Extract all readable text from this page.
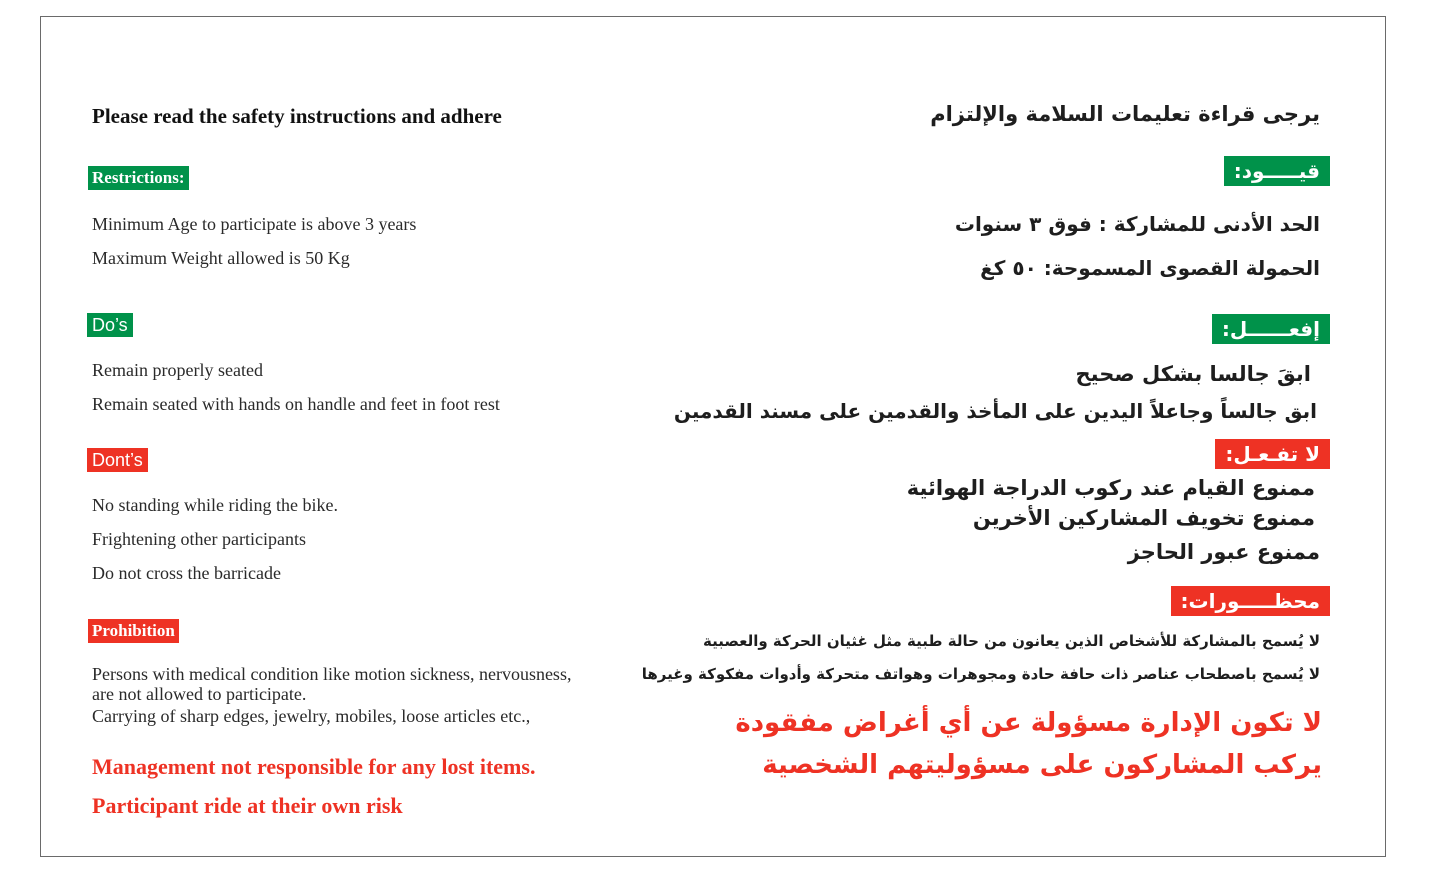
Please read the safety instructions and adhere
Restrictions:
Minimum Age to participate is above 3 years
Maximum Weight allowed is 50 Kg
Do’s
Remain properly seated
Remain seated with hands on handle and feet in foot rest
Dont’s
No standing while riding the bike.
Frightening other participants
Do not cross the barricade
Prohibition
Persons with medical condition like motion sickness, nervousness,
are not allowed to participate.
Carrying of sharp edges, jewelry, mobiles, loose articles etc.,
Management not responsible for any lost items.
Participant ride at their own risk
يرجى قراءة تعليمات السلامة والإلتزام
قيـــــود:
الحد الأدنى للمشاركة : فوق ٣ سنوات
الحمولة القصوى المسموحة: ٥٠ كغ
إفعــــــل:
ابقَ جالسا بشكل صحيح
ابق جالساً وجاعلاً اليدين على المأخذ والقدمين على مسند القدمين
لا تفـعـل:
ممنوع القيام عند ركوب الدراجة الهوائية
ممنوع تخويف المشاركين الأخرين
ممنوع عبور الحاجز
محظـــــورات:
لا يُسمح بالمشاركة للأشخاص الذين يعانون من حالة طبية مثل غثيان الحركة والعصبية
لا يُسمح باصطحاب عناصر ذات حافة حادة ومجوهرات وهواتف متحركة وأدوات مفكوكة وغيرها
لا تكون الإدارة مسؤولة عن أي أغراض مفقودة
يركب المشاركون على مسؤوليتهم الشخصية
